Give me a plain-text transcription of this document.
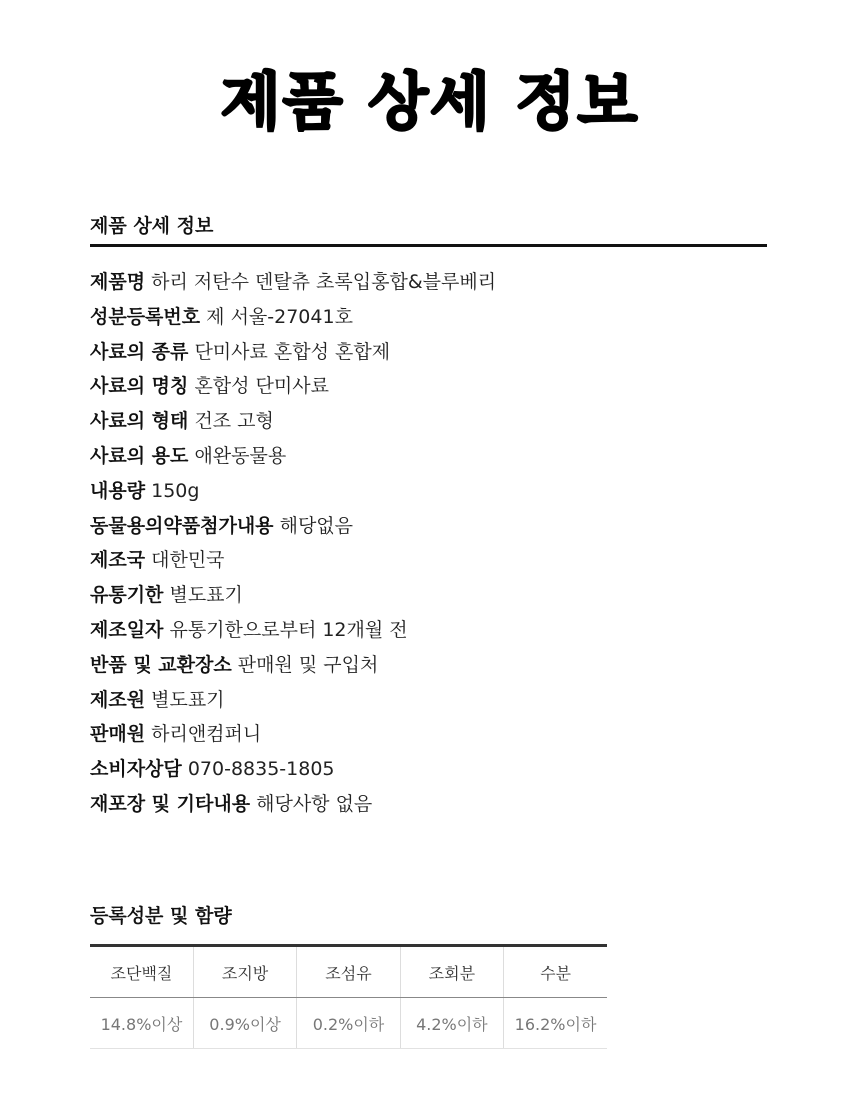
제품 상세 정보
제품 상세 정보
제품명 하리 저탄수 덴탈츄 초록입홍합&블루베리
성분등록번호 제 서울-27041호
사료의 종류 단미사료 혼합성 혼합제
사료의 명칭 혼합성 단미사료
사료의 형태 건조 고형
사료의 용도 애완동물용
내용량 150g
동물용의약품첨가내용 해당없음
제조국 대한민국
유통기한 별도표기
제조일자 유통기한으로부터 12개월 전
반품 및 교환장소 판매원 및 구입처
제조원 별도표기
판매원 하리앤컴퍼니
소비자상담 070-8835-1805
재포장 및 기타내용 해당사항 없음
등록성분 및 함량
조단백질	조지방	조섬유	조회분	수분
14.8%이상	0.9%이상	0.2%이하	4.2%이하	16.2%이하
